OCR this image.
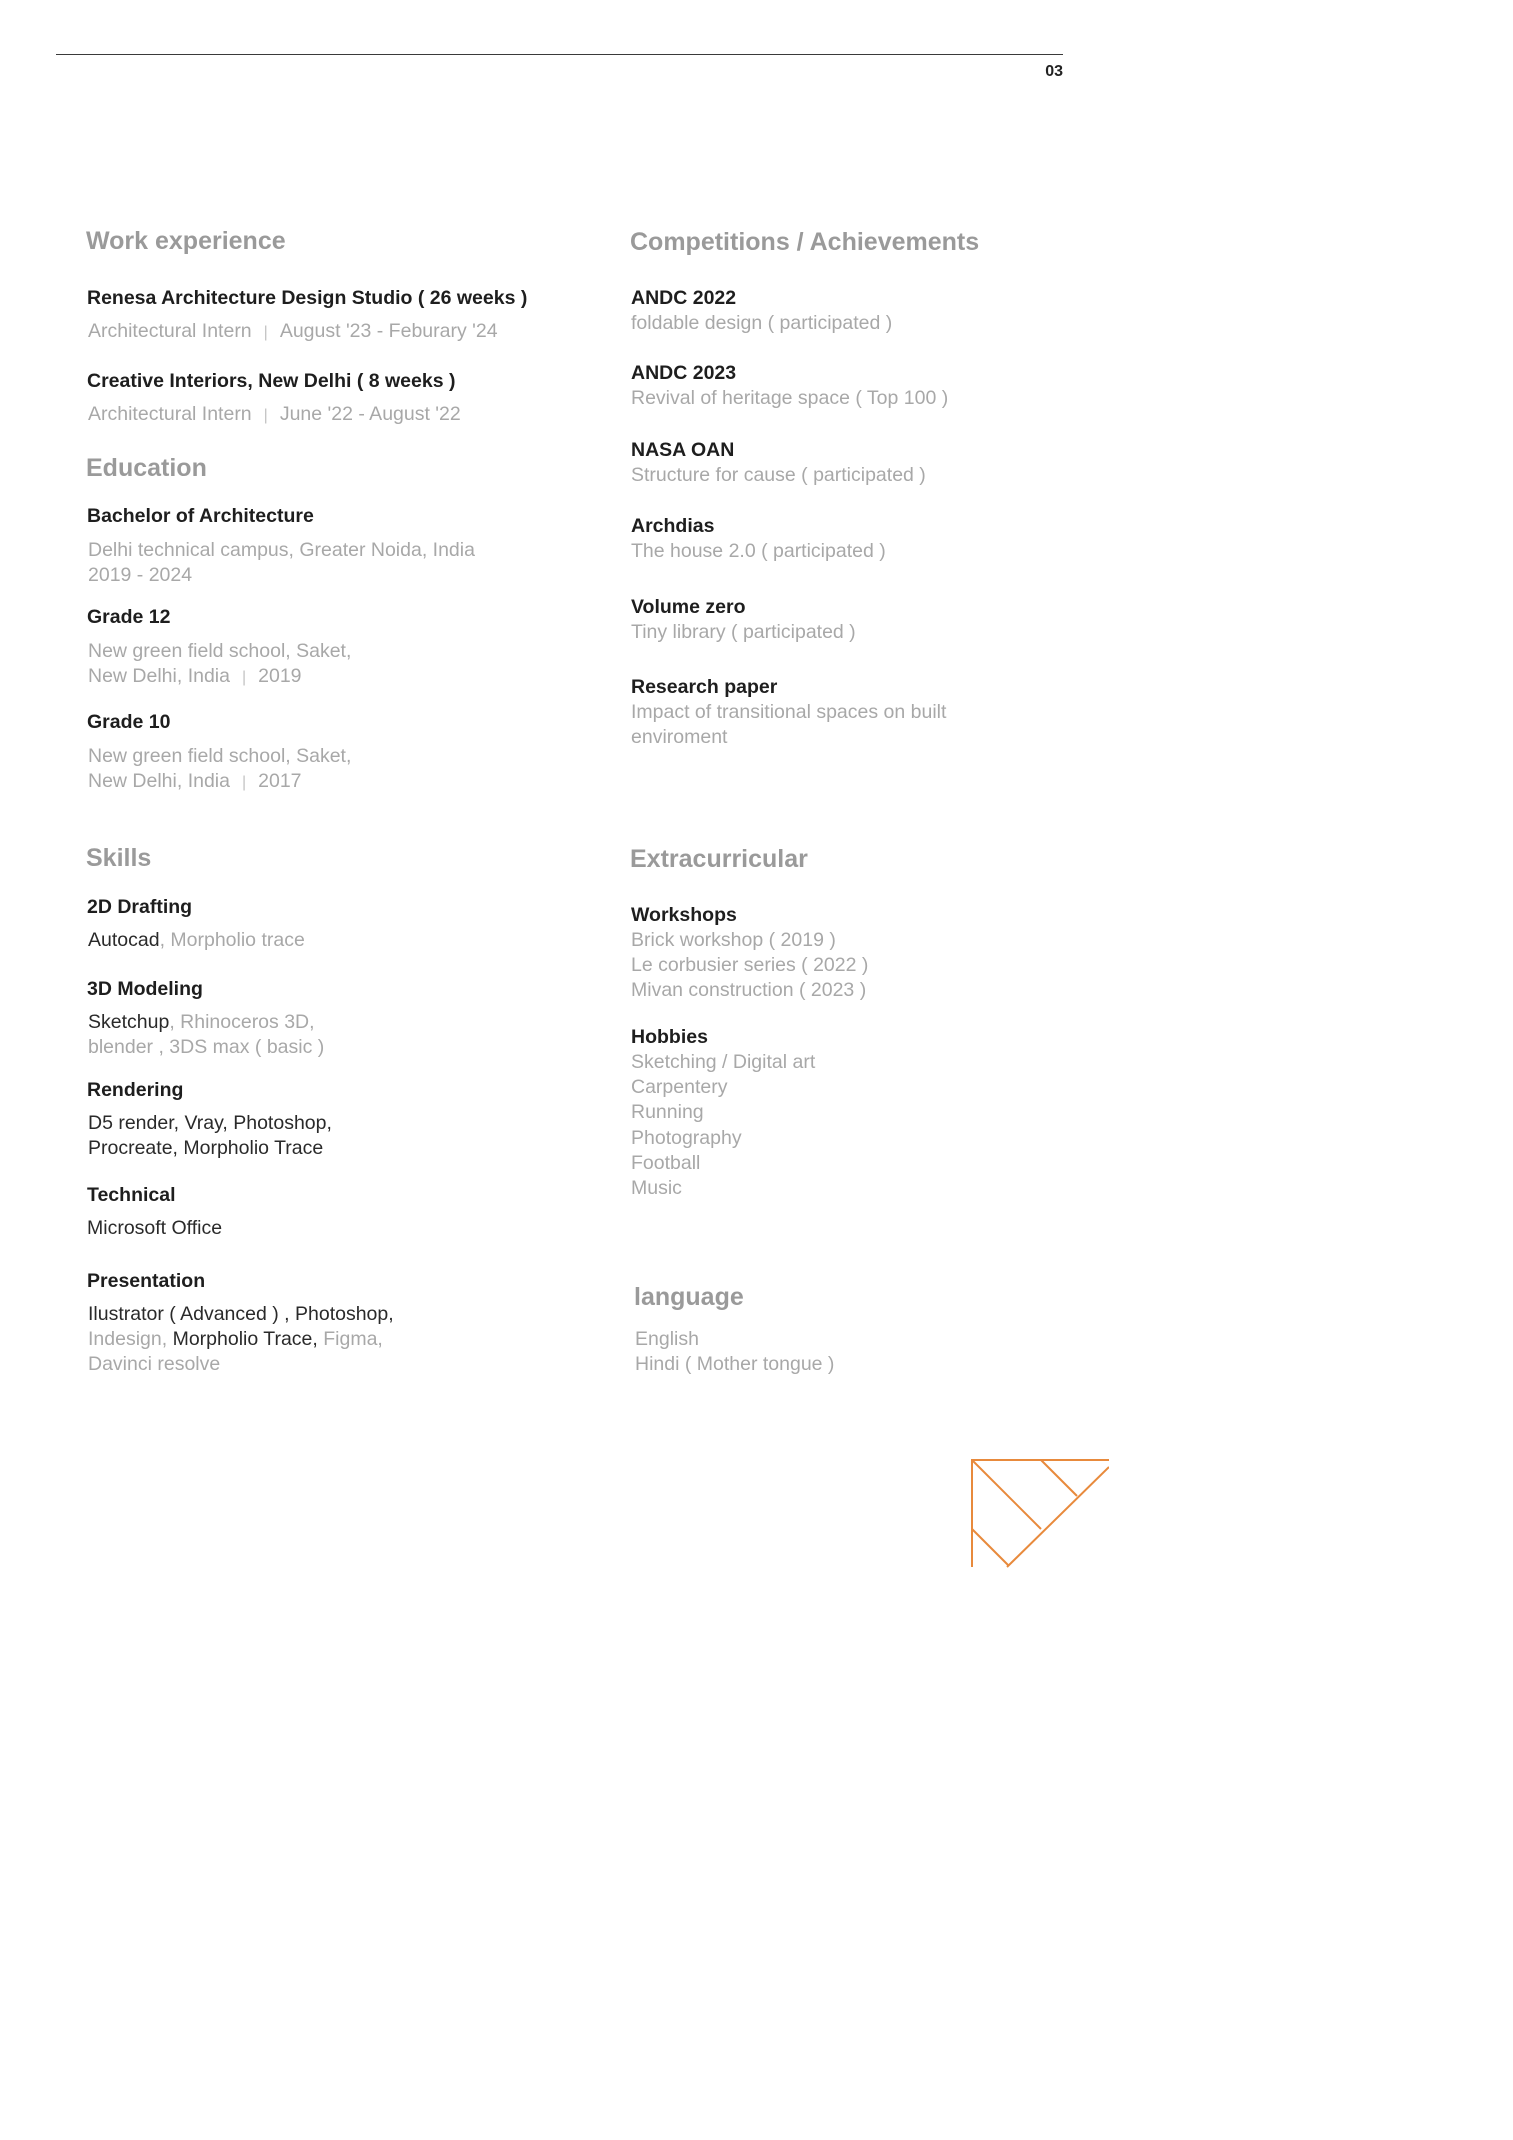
03
Work experience
Renesa Architecture Design Studio ( 26 weeks )
Architectural Intern | August '23 - Feburary '24
Creative Interiors, New Delhi ( 8 weeks )
Architectural Intern | June '22 - August '22
Education
Bachelor of Architecture
Delhi technical campus, Greater Noida, India
2019 - 2024
Grade 12
New green field school, Saket,
New Delhi, India | 2019
Grade 10
New green field school, Saket,
New Delhi, India | 2017
Skills
2D Drafting
Autocad, Morpholio trace
3D Modeling
Sketchup, Rhinoceros 3D,
blender , 3DS max ( basic )
Rendering
D5 render, Vray, Photoshop,
Procreate, Morpholio Trace
Technical
Microsoft Office
Presentation
Ilustrator ( Advanced ) , Photoshop,
Indesign, Morpholio Trace, Figma,
Davinci resolve
Competitions / Achievements
ANDC 2022
foldable design ( participated )
ANDC 2023
Revival of heritage space ( Top 100 )
NASA OAN
Structure for cause ( participated )
Archdias
The house 2.0 ( participated )
Volume zero
Tiny library ( participated )
Research paper
Impact of transitional spaces on built
enviroment
Extracurricular
Workshops
Brick workshop ( 2019 )
Le corbusier series ( 2022 )
Mivan construction ( 2023 )
Hobbies
Sketching / Digital art
Carpentery
Running
Photography
Football
Music
language
English
Hindi ( Mother tongue )
